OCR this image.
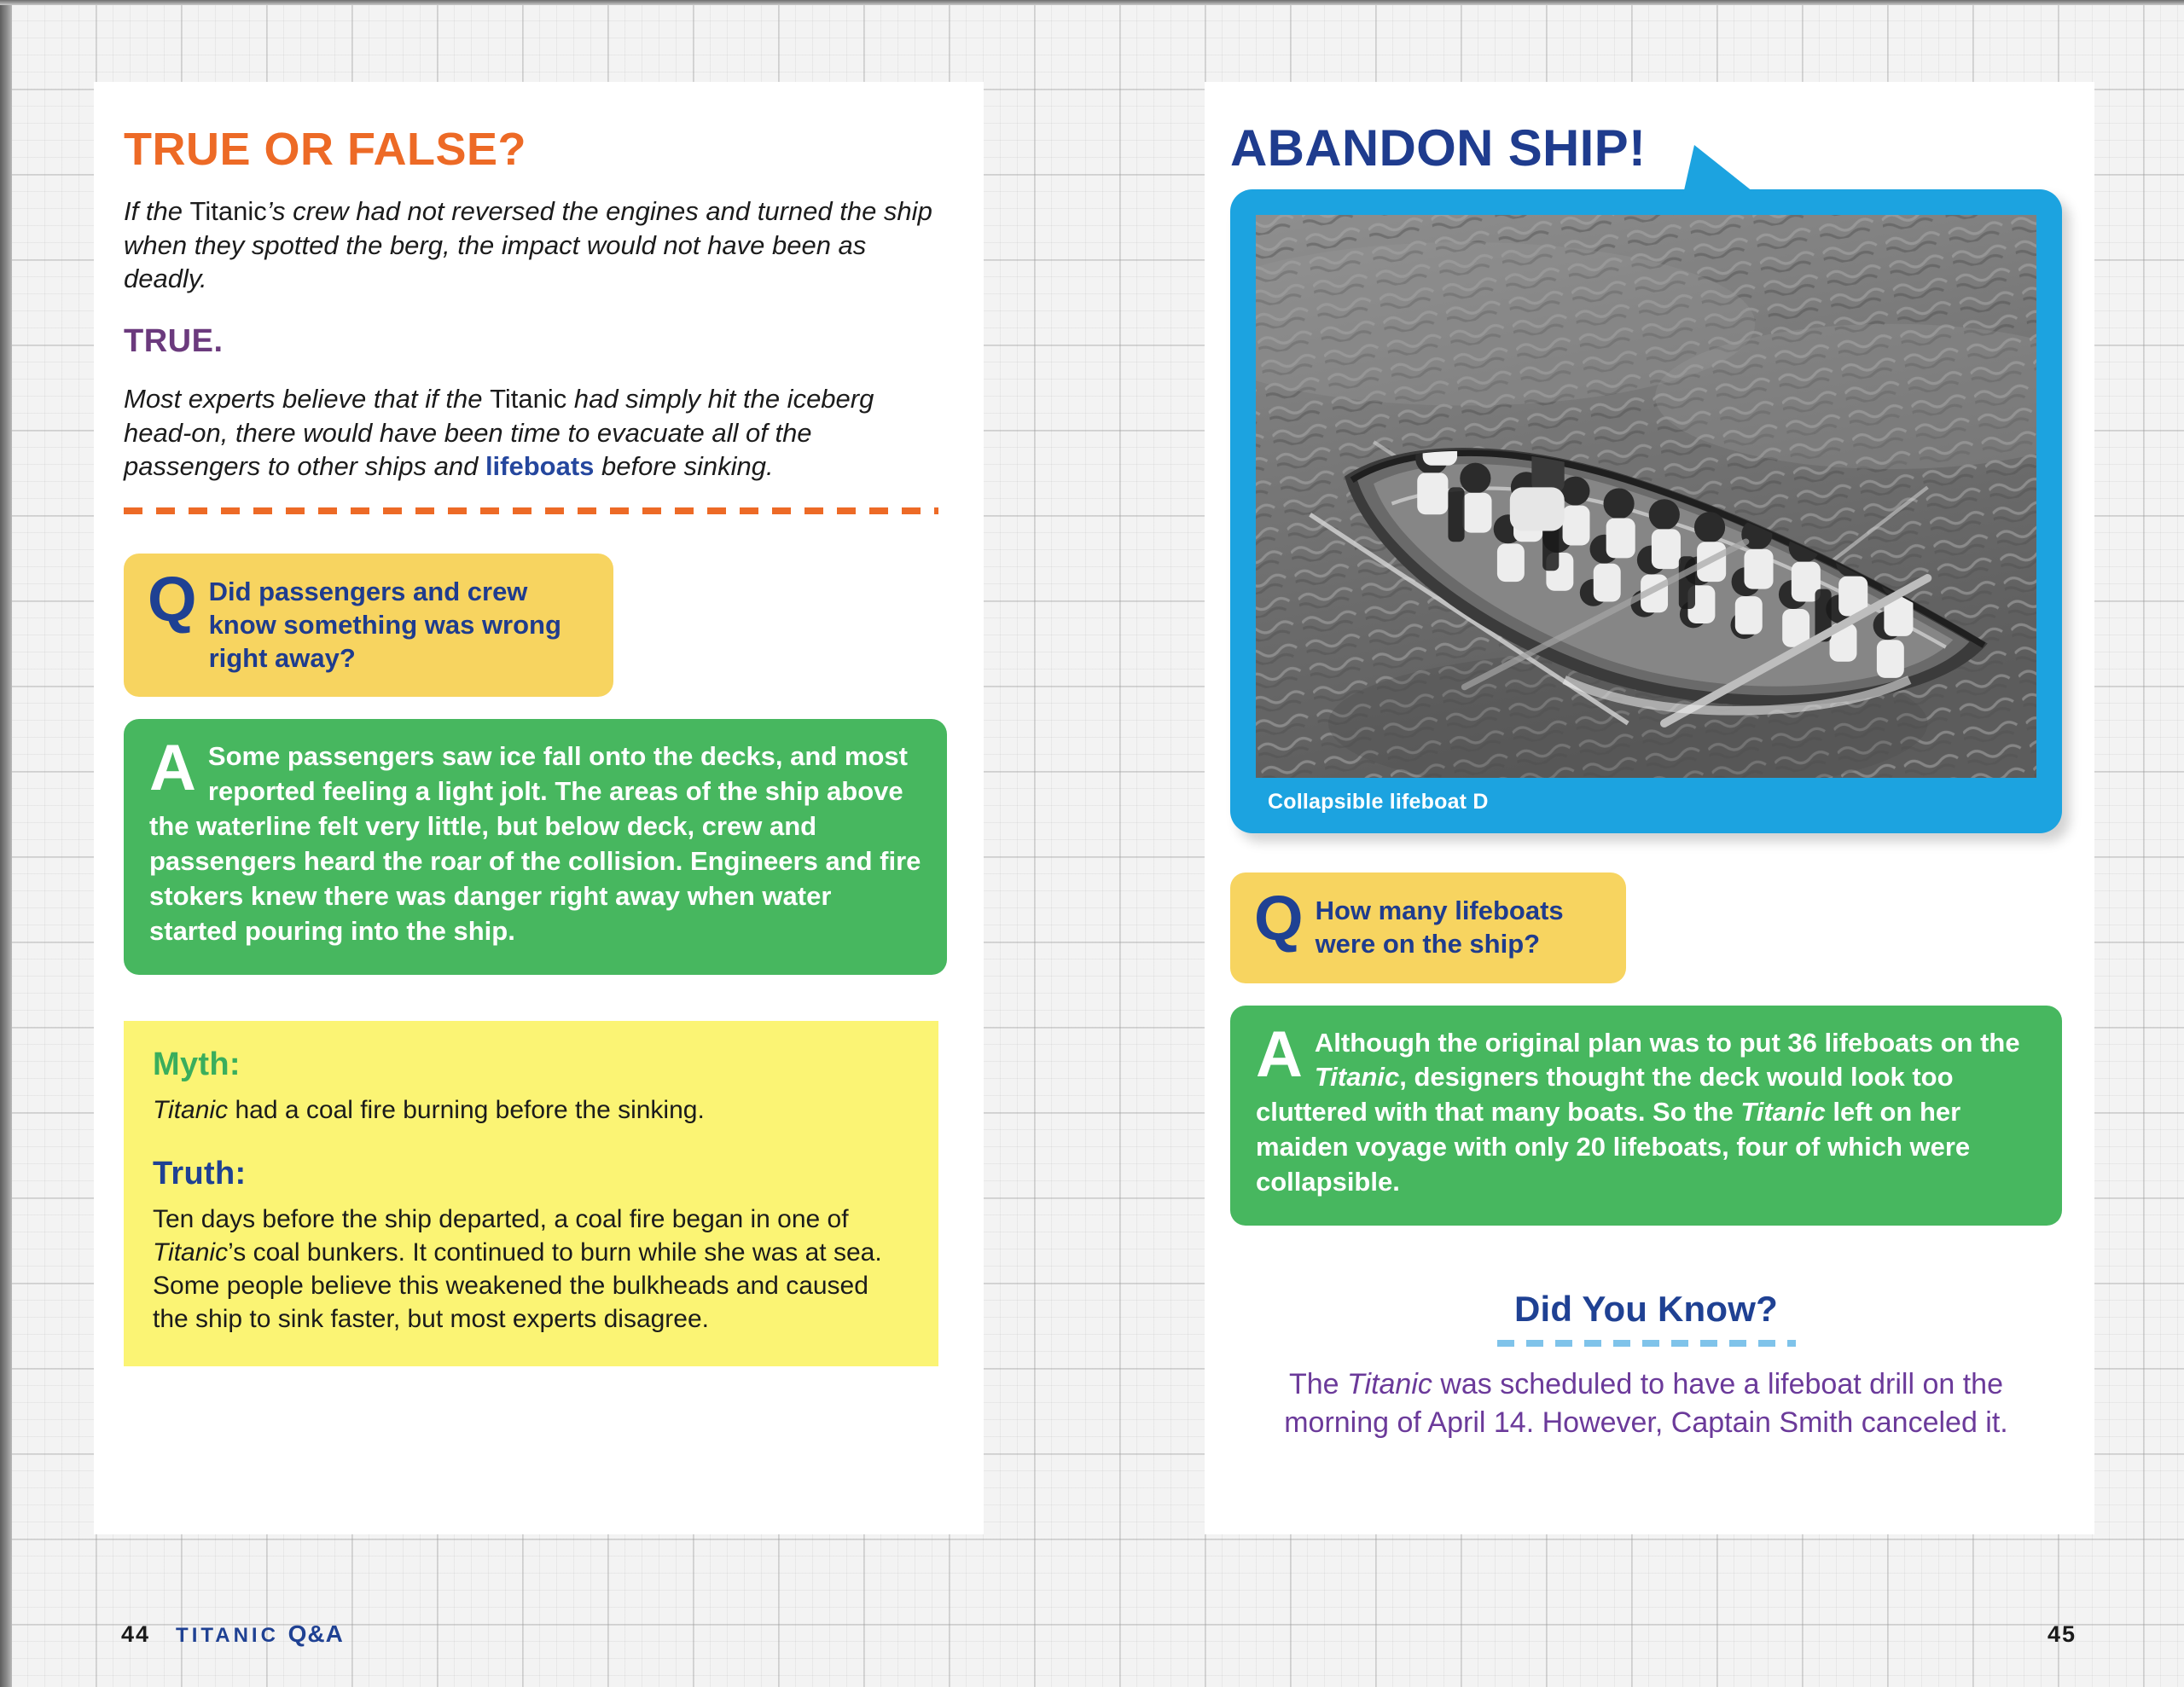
TRUE OR FALSE?
If the Titanic’s crew had not reversed the engines and turned the ship when they spotted the berg, the impact would not have been as deadly.
TRUE.
Most experts believe that if the Titanic had simply hit the iceberg head-on, there would have been time to evacuate all of the passengers to other ships and lifeboats before sinking.
Q Did passengers and crew know something was wrong right away?
A Some passengers saw ice fall onto the decks, and most reported feeling a light jolt. The areas of the ship above the waterline felt very little, but below deck, crew and passengers heard the roar of the collision. Engineers and fire stokers knew there was danger right away when water started pouring into the ship.
Myth:
Titanic had a coal fire burning before the sinking.
Truth:
Ten days before the ship departed, a coal fire began in one of Titanic’s coal bunkers. It continued to burn while she was at sea. Some people believe this weakened the bulkheads and caused the ship to sink faster, but most experts disagree.
ABANDON SHIP!
Collapsible lifeboat D
Q How many lifeboats were on the ship?
A Although the original plan was to put 36 lifeboats on the Titanic, designers thought the deck would look too cluttered with that many boats. So the Titanic left on her maiden voyage with only 20 lifeboats, four of which were collapsible.
Did You Know?
The Titanic was scheduled to have a lifeboat drill on the morning of April 14. However, Captain Smith canceled it.
44 TITANIC Q&A	45
